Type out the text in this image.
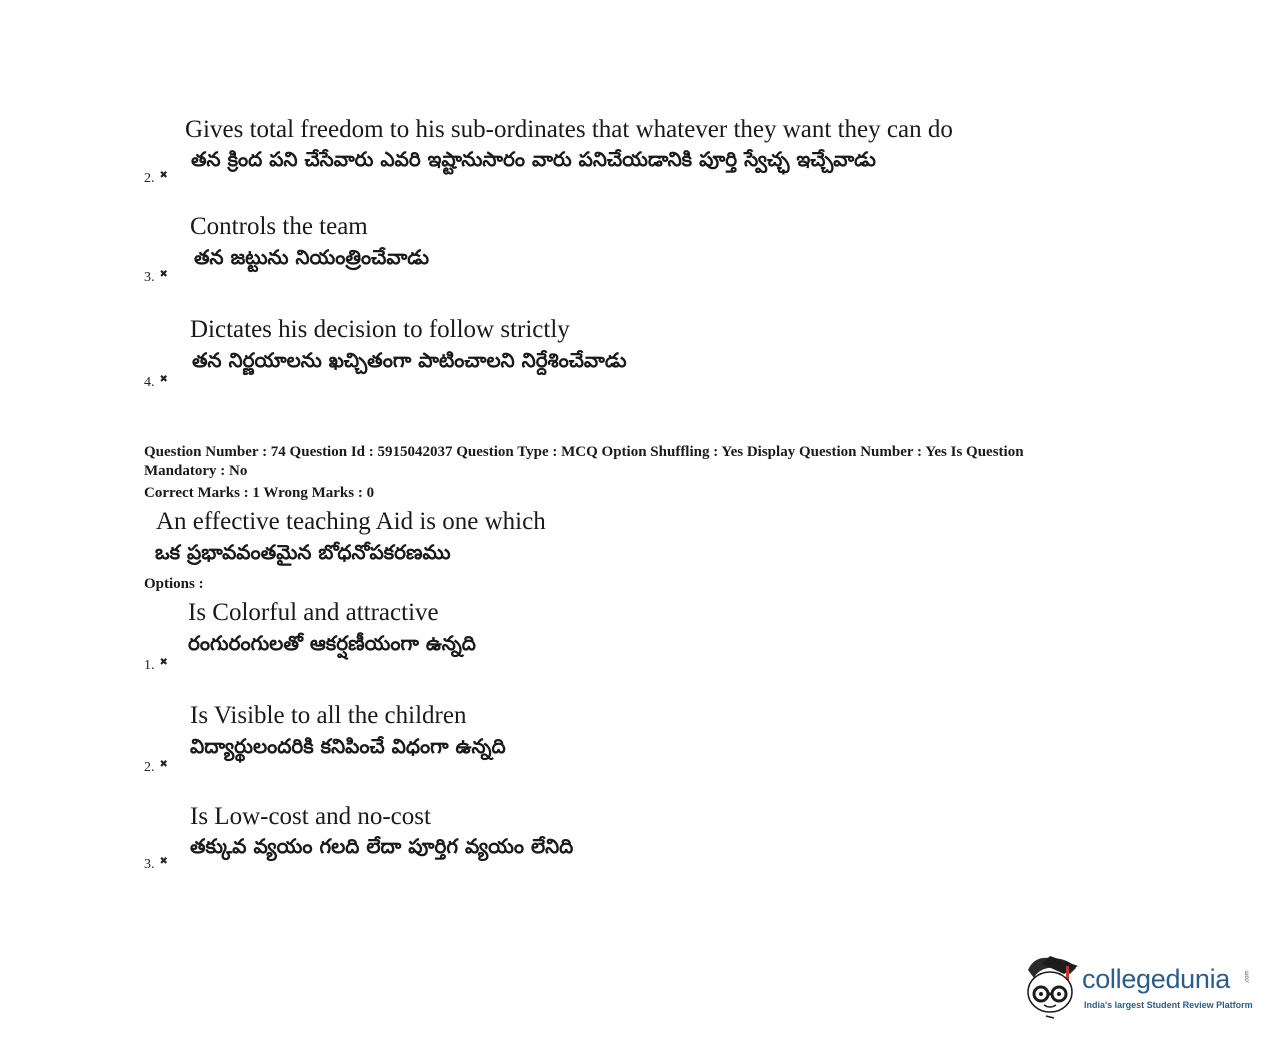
Gives total freedom to his sub-ordinates that whatever they want they can do
తన క్రింద పని చేసేవారు ఎవరి ఇష్టానుసారం వారు పనిచేయడానికి పూర్తి స్వేచ్ఛ ఇచ్చేవాడు
2. ✖
Controls the team
తన జట్టును నియంత్రించేవాడు
3. ✖
Dictates his decision to follow strictly
తన నిర్ణయాలను ఖచ్చితంగా పాటించాలని నిర్దేశించేవాడు
4. ✖
Question Number : 74 Question Id : 5915042037 Question Type : MCQ Option Shuffling : Yes Display Question Number : Yes Is Question
Mandatory : No
Correct Marks : 1 Wrong Marks : 0
An effective teaching Aid is one which
ఒక ప్రభావవంతమైన బోధనోపకరణము
Options :
Is Colorful and attractive
రంగురంగులతో ఆకర్షణీయంగా ఉన్నది
1. ✖
Is Visible to all the children
విద్యార్థులందరికి కనిపించే విధంగా ఉన్నది
2. ✖
Is Low-cost and no-cost
తక్కువ వ్యయం గలది లేదా పూర్తిగ వ్యయం లేనిది
3. ✖
collegedunia .com
India's largest Student Review Platform
